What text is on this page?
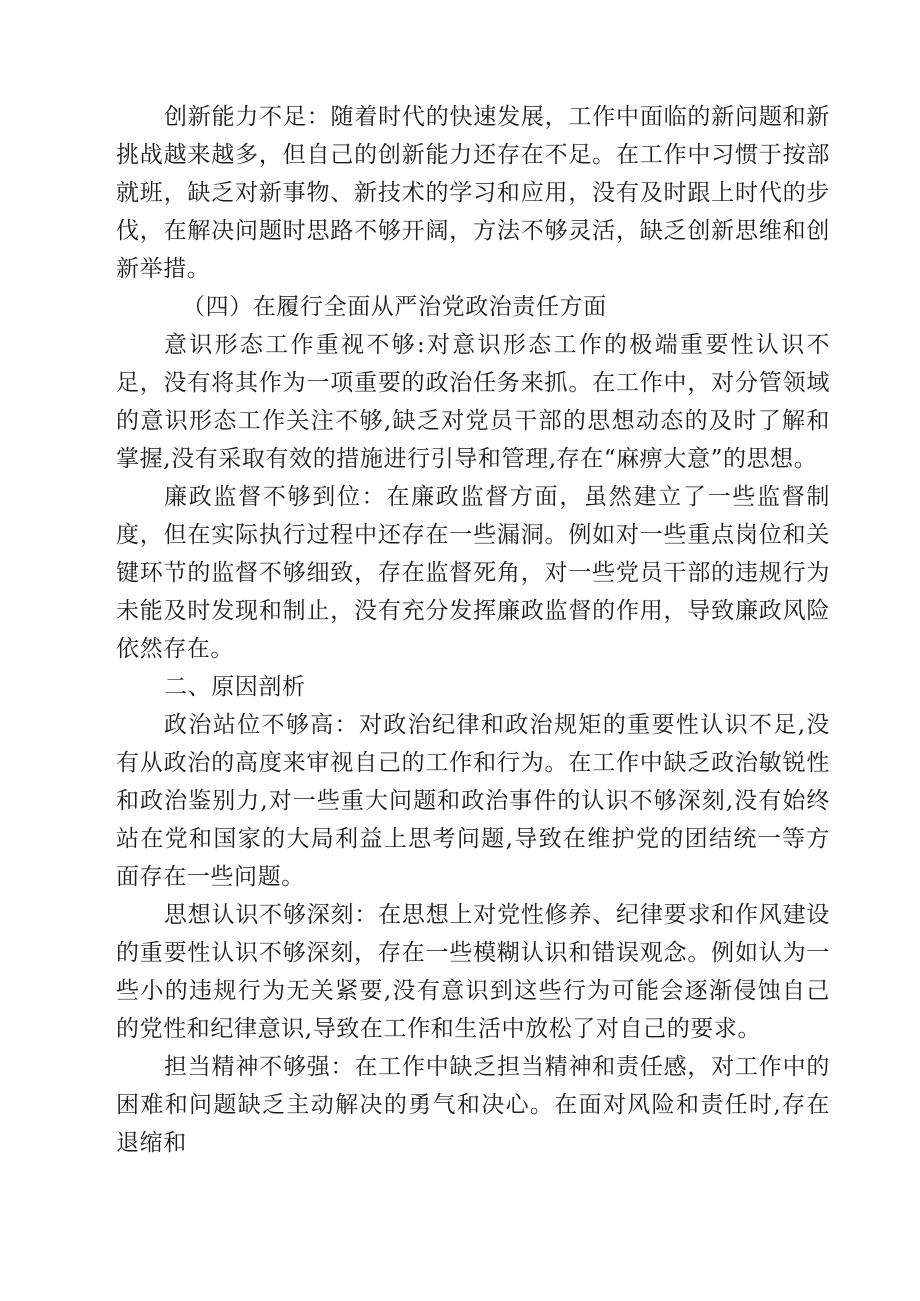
创新能力不足：随着时代的快速发展，工作中面临的新问题和新挑战越来越多，但自己的创新能力还存在不足。在工作中习惯于按部就班，缺乏对新事物、新技术的学习和应用，没有及时跟上时代的步伐，在解决问题时思路不够开阔，方法不够灵活，缺乏创新思维和创新举措。

（四）在履行全面从严治党政治责任方面

意识形态工作重视不够:对意识形态工作的极端重要性认识不足，没有将其作为一项重要的政治任务来抓。在工作中，对分管领域的意识形态工作关注不够,缺乏对党员干部的思想动态的及时了解和掌握,没有采取有效的措施进行引导和管理,存在“麻痹大意”的思想。

廉政监督不够到位：在廉政监督方面，虽然建立了一些监督制度，但在实际执行过程中还存在一些漏洞。例如对一些重点岗位和关键环节的监督不够细致，存在监督死角，对一些党员干部的违规行为未能及时发现和制止，没有充分发挥廉政监督的作用，导致廉政风险依然存在。

二、原因剖析

政治站位不够高：对政治纪律和政治规矩的重要性认识不足,没有从政治的高度来审视自己的工作和行为。在工作中缺乏政治敏锐性和政治鉴别力,对一些重大问题和政治事件的认识不够深刻,没有始终站在党和国家的大局利益上思考问题,导致在维护党的团结统一等方面存在一些问题。

思想认识不够深刻：在思想上对党性修养、纪律要求和作风建设的重要性认识不够深刻，存在一些模糊认识和错误观念。例如认为一些小的违规行为无关紧要,没有意识到这些行为可能会逐渐侵蚀自己的党性和纪律意识,导致在工作和生活中放松了对自己的要求。

担当精神不够强：在工作中缺乏担当精神和责任感，对工作中的困难和问题缺乏主动解决的勇气和决心。在面对风险和责任时,存在退缩和
